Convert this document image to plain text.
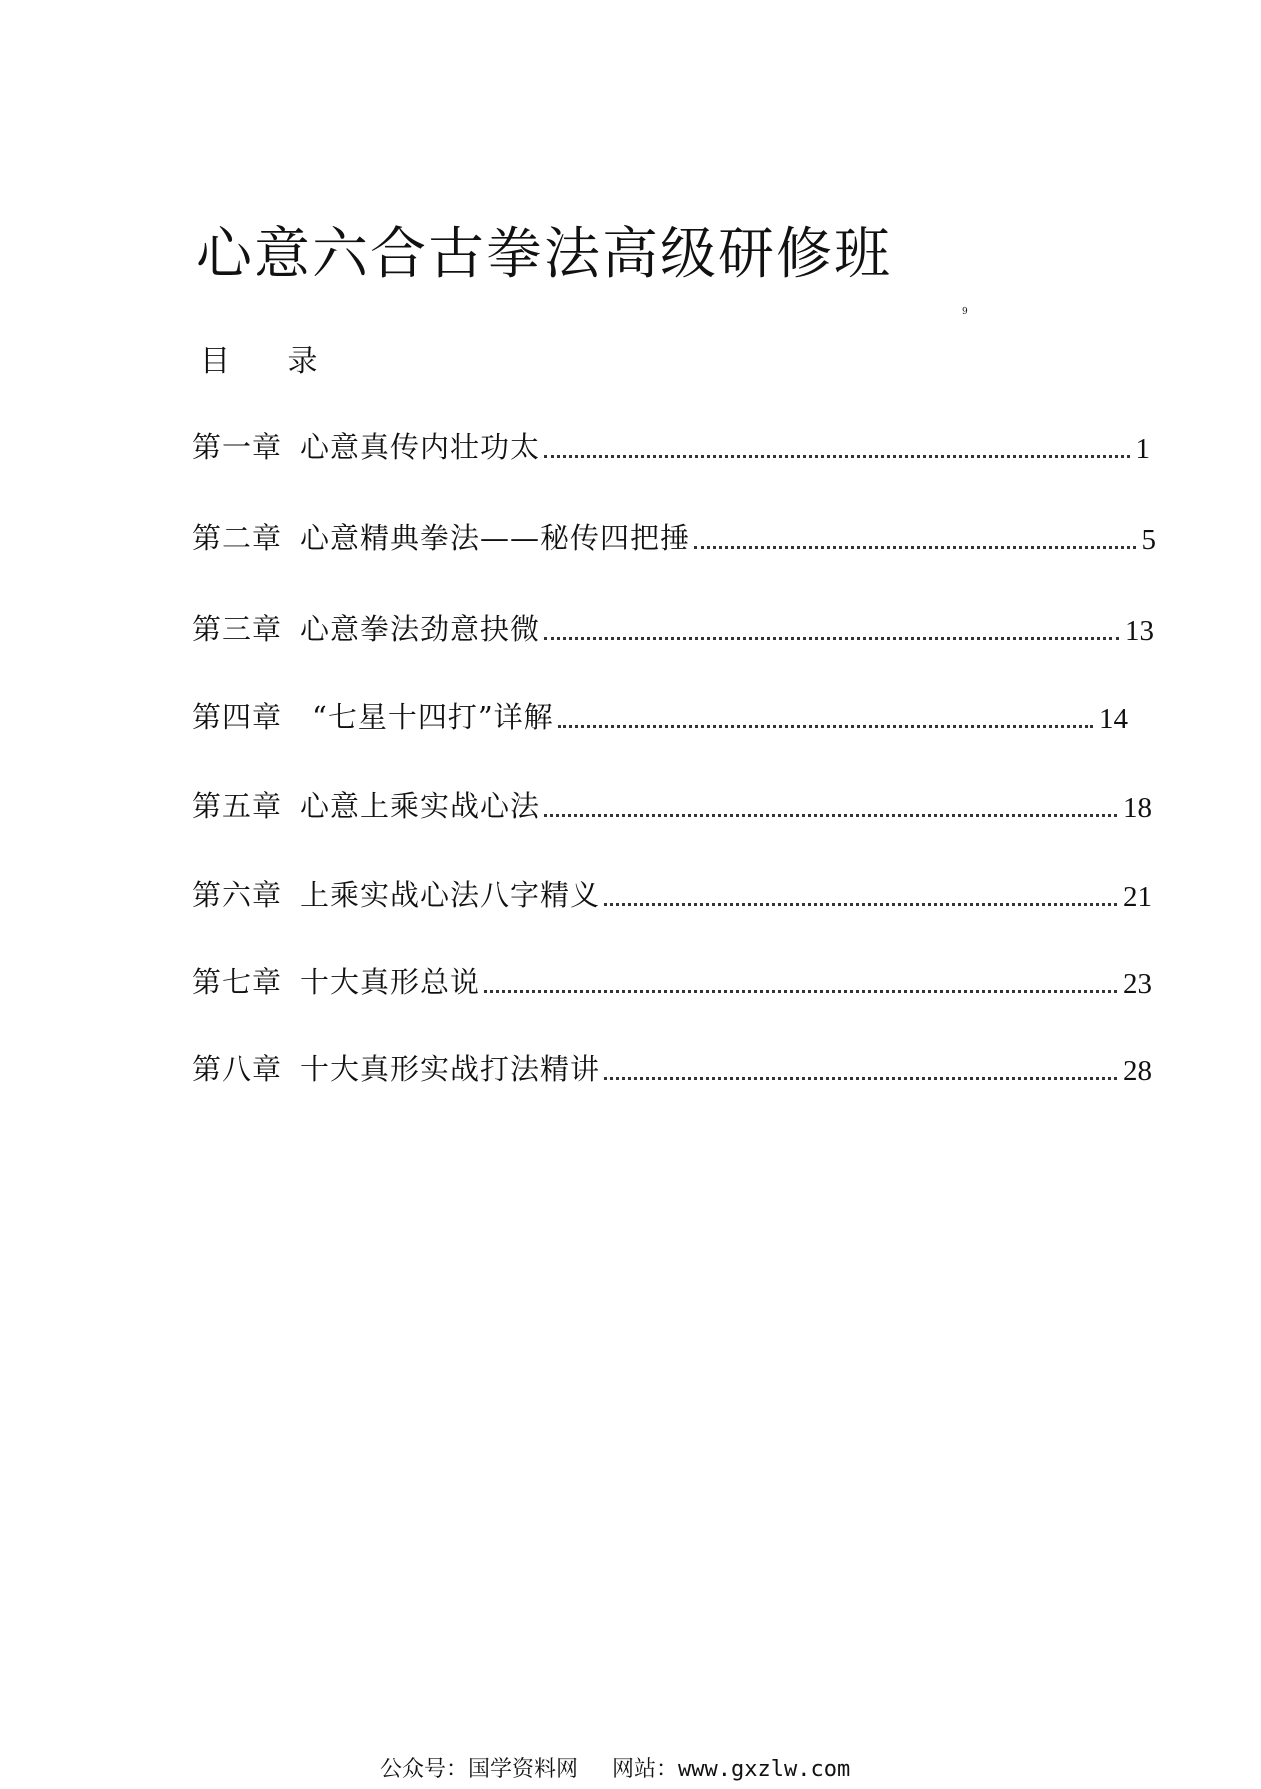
心意六合古拳法高级研修班
9
目 录
第一章 心意真传内壮功太	1
第二章 心意精典拳法——秘传四把捶	5
第三章 心意拳法劲意抉微	13
第四章 “七星十四打”详解	14
第五章 心意上乘实战心法	18
第六章 上乘实战心法八字精义	21
第七章 十大真形总说	23
第八章 十大真形实战打法精讲	28
公众号：国学资料网 网站：www.gxzlw.com
